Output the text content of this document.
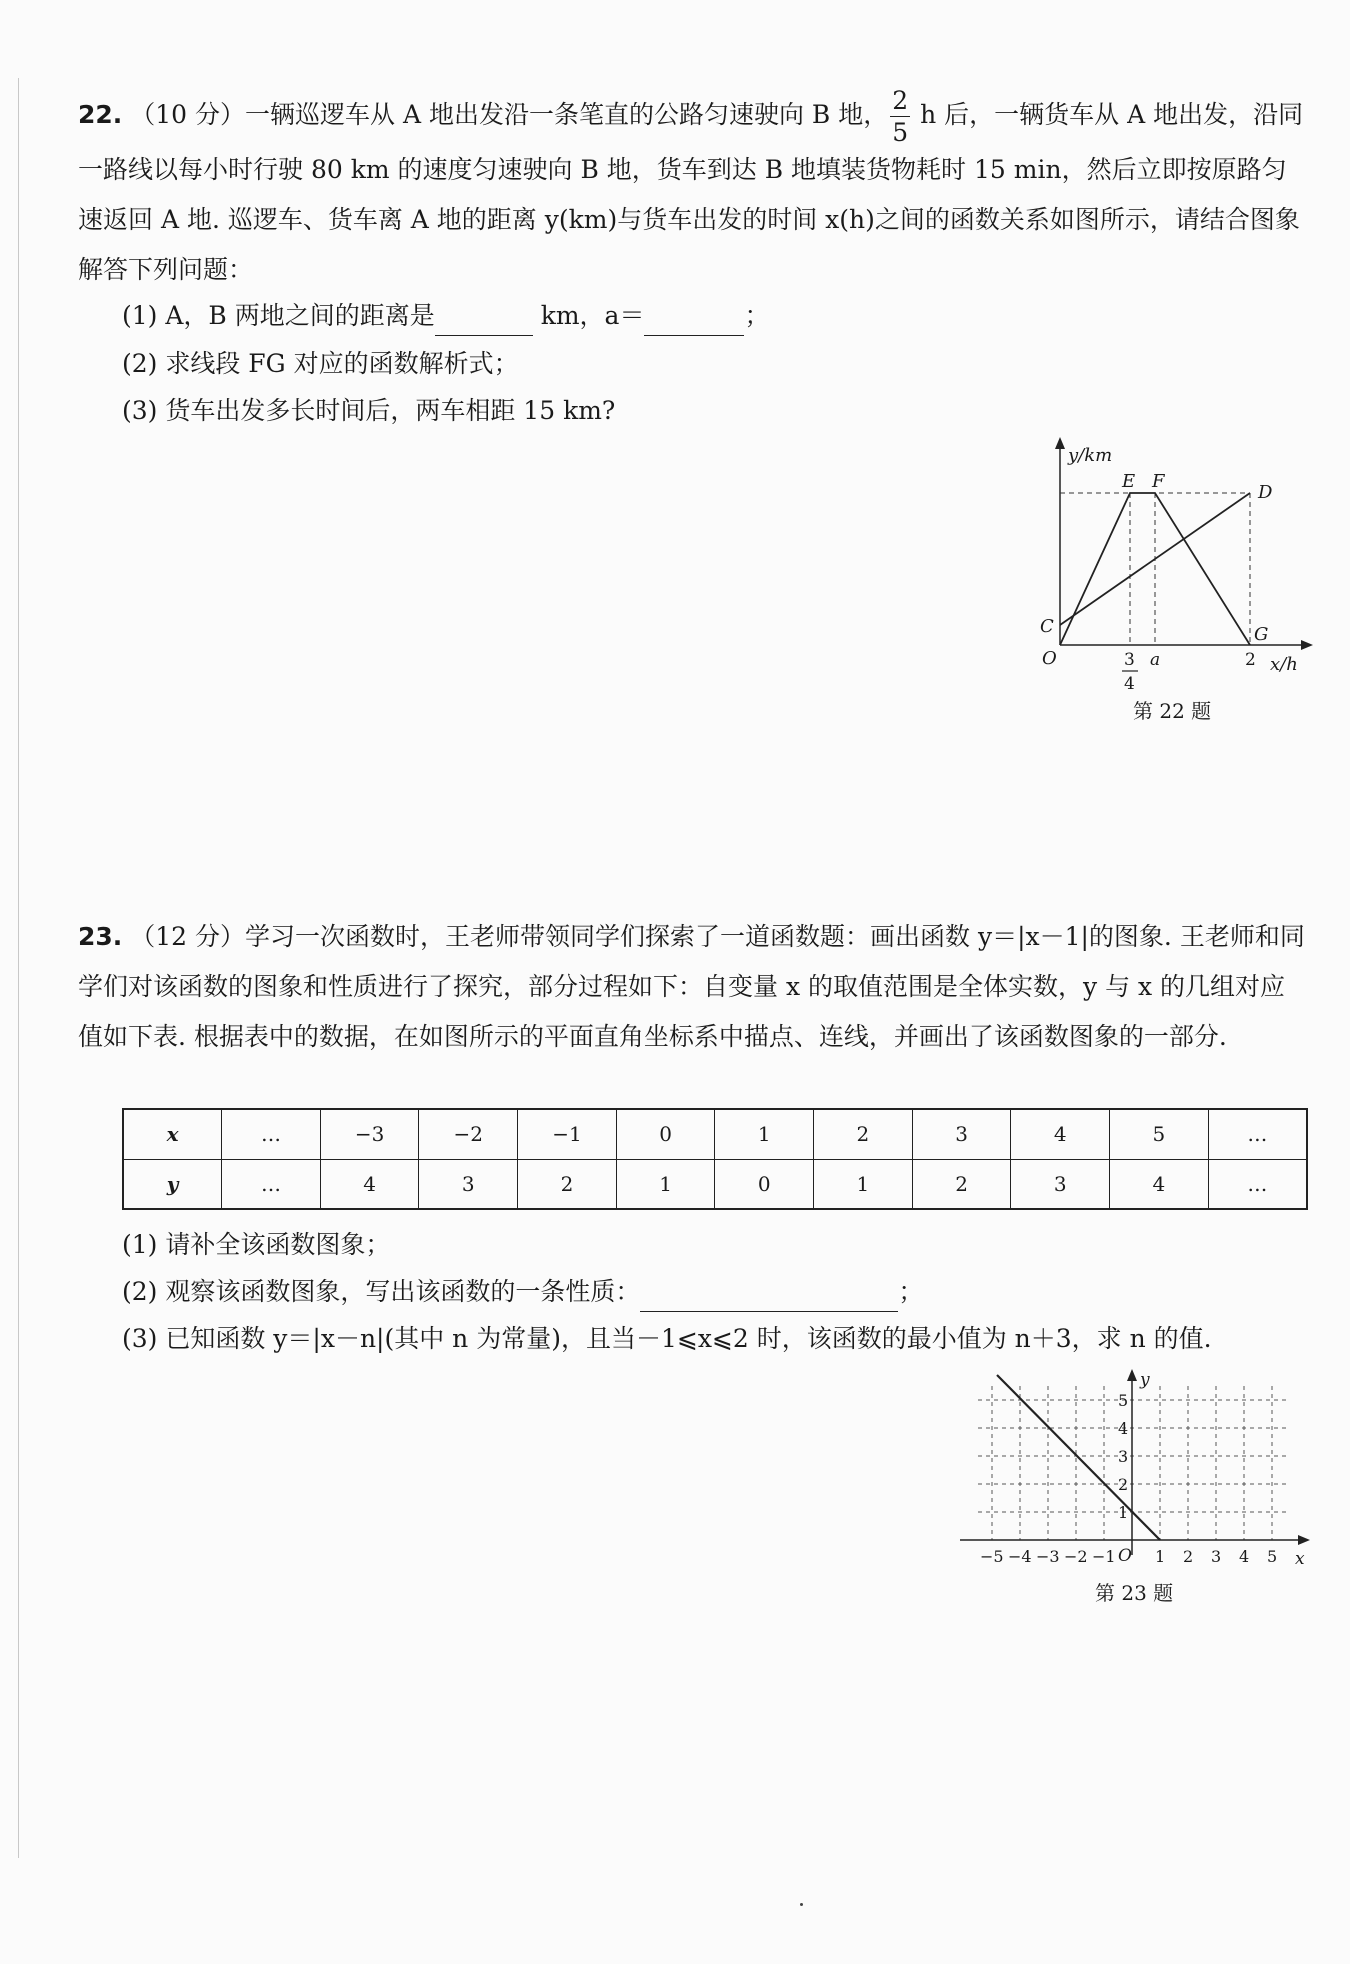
22. （10 分）一辆巡逻车从 A 地出发沿一条笔直的公路匀速驶向 B 地， $\frac{2}{5}$ h 后，一辆货车从 A 地出发，沿同一路线以每小时行驶 80 km 的速度匀速驶向 B 地，货车到达 B 地填装货物耗时 15 min，然后立即按原路匀速返回 A 地. 巡逻车、货车离 A 地的距离 y(km)与货车出发的时间 x(h)之间的函数关系如图所示，请结合图象解答下列问题：
(1) A，B 两地之间的距离是	km，a＝	；
(2) 求线段 FG 对应的函数解析式；
(3) 货车出发多长时间后，两车相距 15 km?
y/km
x/h
O
C
E F
D
G
3
4
a	2
第 22 题
23. （12 分）学习一次函数时，王老师带领同学们探索了一道函数题：画出函数 y＝|x－1|的图象. 王老师和同学们对该函数的图象和性质进行了探究，部分过程如下：自变量 x 的取值范围是全体实数，y 与 x 的几组对应值如下表. 根据表中的数据，在如图所示的平面直角坐标系中描点、连线，并画出了该函数图象的一部分.
x	…	−3	−2	−1	0	1	2	3	4	5	…
y	…	4	3	2	1	0	1	2	3	4	…
(1) 请补全该函数图象；
(2) 观察该函数图象，写出该函数的一条性质：	；
(3) 已知函数 y＝|x－n|(其中 n 为常量)，且当－1⩽x⩽2 时，该函数的最小值为 n＋3，求 n 的值.
−5 −4 −3 −2 −1 1 2 3 4 5
1
2
3
4
5
y
x
O
第 23 题
